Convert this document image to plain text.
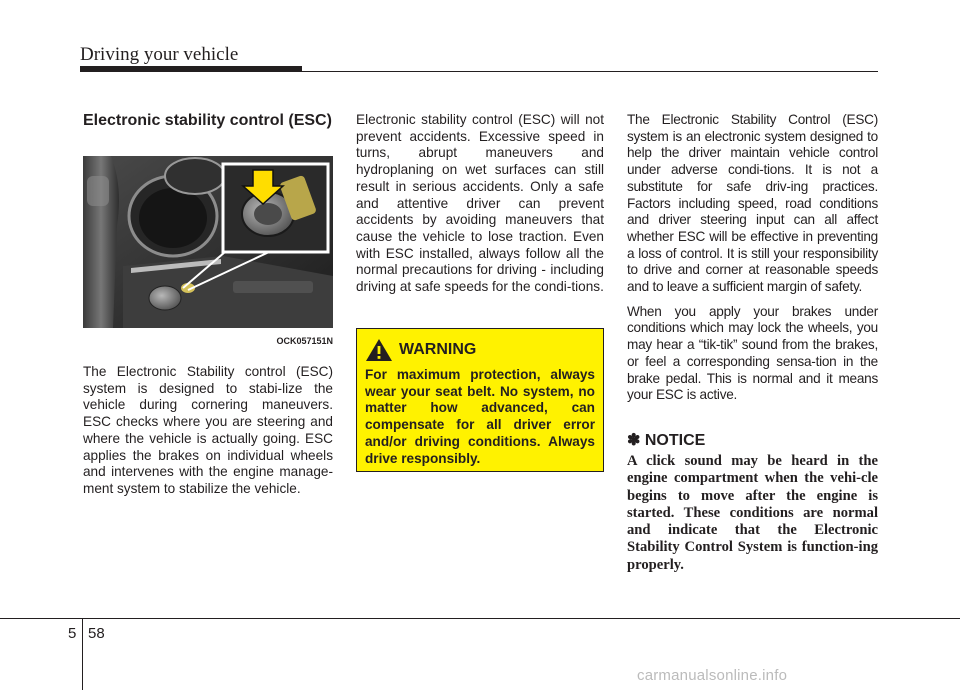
Driving your vehicle
Electronic stability control (ESC)
OCK057151N
The Electronic Stability control (ESC) system is designed to stabi-lize the vehicle during cornering maneuvers. ESC checks where you are steering and where the vehicle is actually going. ESC applies the brakes on individual wheels and intervenes with the engine manage-ment system to stabilize the vehicle.
Electronic stability control (ESC) will not prevent accidents. Excessive speed in turns, abrupt maneuvers and hydroplaning on wet surfaces can still result in serious accidents. Only a safe and attentive driver can prevent accidents by avoiding maneuvers that cause the vehicle to lose traction. Even with ESC installed, always follow all the normal precautions for driving - including driving at safe speeds for the condi-tions.
WARNING
For maximum protection, always wear your seat belt. No system, no matter how advanced, can compensate for all driver error and/or driving conditions. Always drive responsibly.

The Electronic Stability Control (ESC) system is an electronic system designed to help the driver maintain vehicle control under adverse condi-tions. It is not a substitute for safe driv-ing practices. Factors including speed, road conditions and driver steering input can all affect whether ESC will be effective in preventing a loss of control. It is still your responsibility to drive and corner at reasonable speeds and to leave a sufficient margin of safety.

When you apply your brakes under conditions which may lock the wheels, you may hear a “tik-tik” sound from the brakes, or feel a corresponding sensa-tion in the brake pedal. This is normal and it means your ESC is active.

✽ NOTICE
A click sound may be heard in the engine compartment when the vehi-cle begins to move after the engine is started. These conditions are normal and indicate that the Electronic Stability Control System is function-ing properly.
5 58
carmanualsonline.info
